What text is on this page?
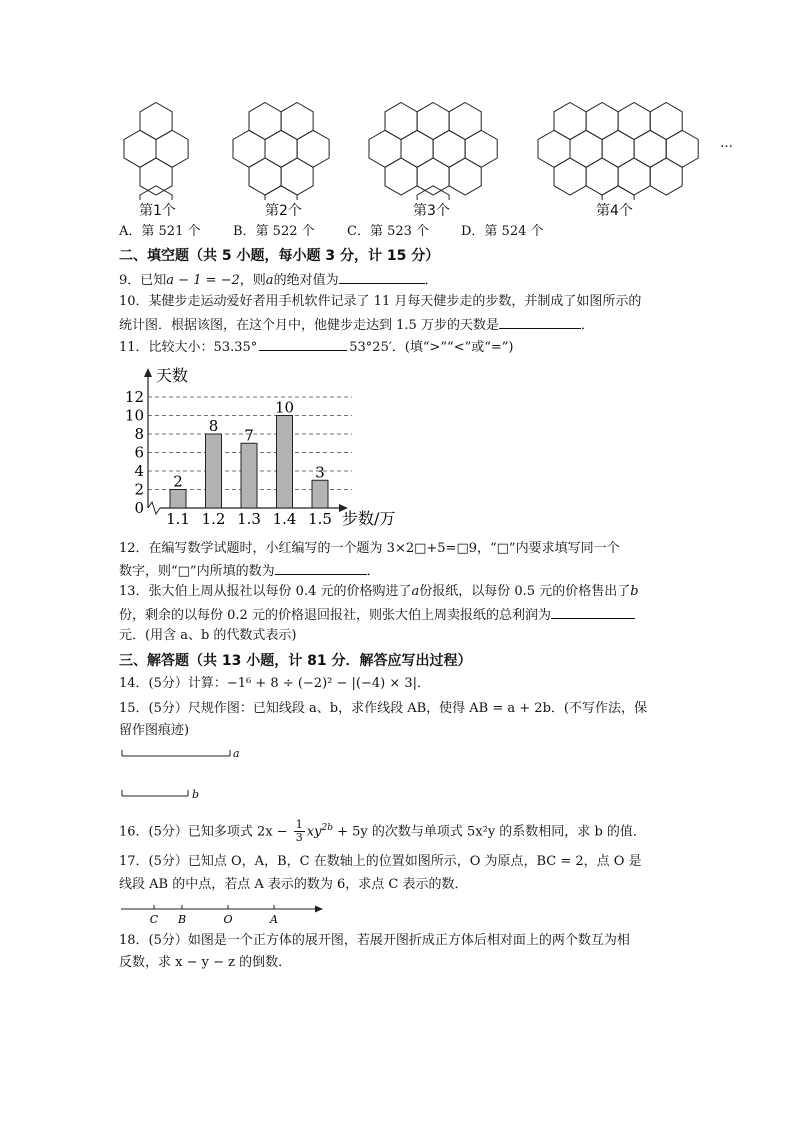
第1个	第2个	第3个	第4个
…
A．第 521 个	B．第 522 个 C．第 523 个 D．第 524 个
二、填空题（共 5 小题，每小题 3 分，计 15 分）
9．已知a − 1 = −2，则a的绝对值为	．
10．某健步走运动爱好者用手机软件记录了 11 月每天健步走的步数，并制成了如图所示的
统计图．根据该图，在这个月中，他健步走达到 1.5 万步的天数是	．
11．比较大小：53.35°	53°25′．(填“>”“<”或“=”)
0
2
4
6
8
10
12
天数
步数/万
2
1.1
8
1.2
7
1.3
10
1.4
3
1.5
12．在编写数学试题时，小红编写的一个题为 3×2□+5=□9，“□”内要求填写同一个
数字，则“□”内所填的数为	．
13．张大伯上周从报社以每份 0.4 元的价格购进了a份报纸，以每份 0.5 元的价格售出了b
份，剩余的以每份 0.2 元的价格退回报社，则张大伯上周卖报纸的总利润为
元．(用含 a、b 的代数式表示)
三、解答题（共 13 小题，计 81 分．解答应写出过程）
14．(5分）计算：−1⁶ + 8 ÷ (−2)² − |(−4) × 3|．
15．(5分）尺规作图：已知线段 a、b，求作线段 AB，使得 AB = a + 2b．(不写作法，保
留作图痕迹)
a
b
16．(5分）已知多项式 $2x - \frac{1}{3} xy^{2b} + 5y$ 的次数与单项式 5x²y 的系数相同，求 b 的值．
17．(5分）已知点 O，A，B，C 在数轴上的位置如图所示，O 为原点，BC = 2，点 O 是
线段 AB 的中点，若点 A 表示的数为 6，求点 C 表示的数．
C B	O	A
18．(5分）如图是一个正方体的展开图，若展开图折成正方体后相对面上的两个数互为相
反数，求 x − y − z 的倒数．
